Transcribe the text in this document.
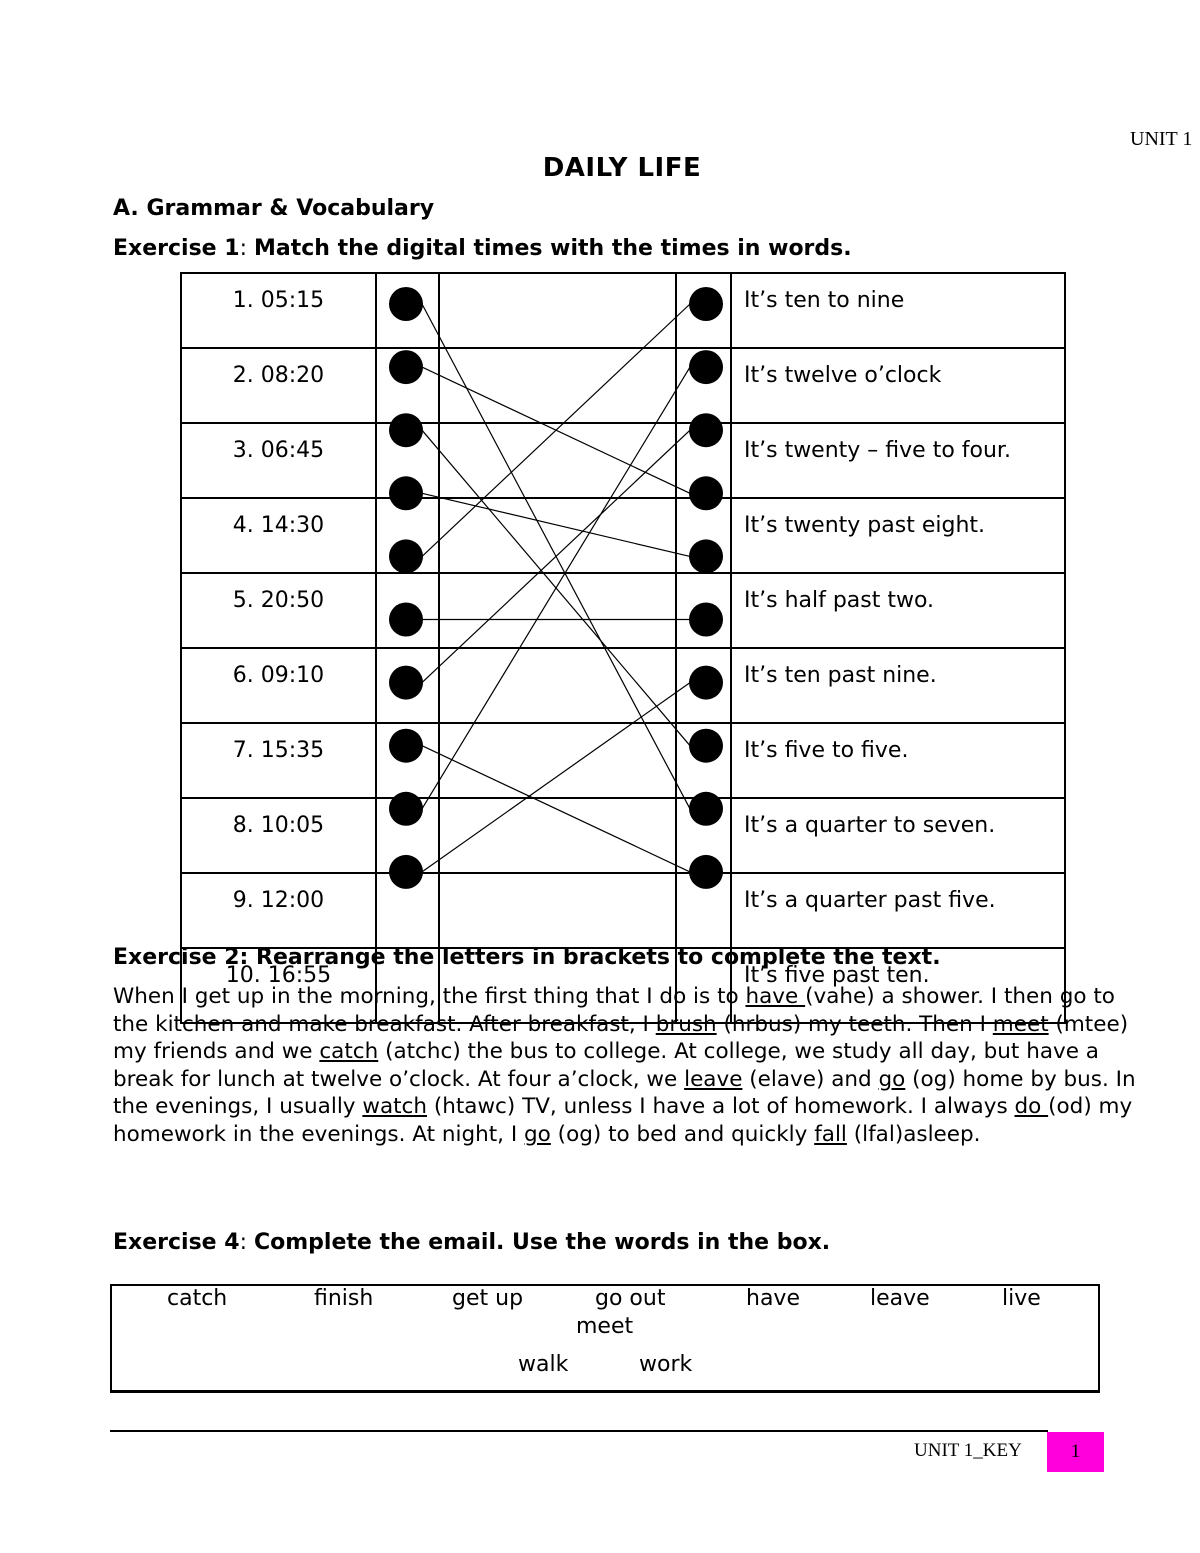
UNIT 1
DAILY LIFE
A. Grammar & Vocabulary
Exercise 1: Match the digital times with the times in words.
1. 05:15				It’s ten to nine
2. 08:20				It’s twelve o’clock
3. 06:45				It’s twenty – five to four.
4. 14:30				It’s twenty past eight.
5. 20:50				It’s half past two.
6. 09:10				It’s ten past nine.
7. 15:35				It’s five to five.
8. 10:05				It’s a quarter to seven.
9. 12:00				It’s a quarter past five.
10. 16:55				It’s five past ten.
Exercise 2: Rearrange the letters in brackets to complete the text.
When I get up in the morning, the first thing that I do is to have (vahe) a shower. I then go to the kitchen and make breakfast. After breakfast, I brush (hrbus) my teeth. Then I meet (mtee) my friends and we catch (atchc) the bus to college. At college, we study all day, but have a break for lunch at twelve o’clock. At four a’clock, we leave (elave) and go (og) home by bus. In the evenings, I usually watch (htawc) TV, unless I have a lot of homework. I always do (od) my homework in the evenings. At night, I go (og) to bed and quickly fall (lfal)asleep.
Exercise 4: Complete the email. Use the words in the box.
catch	finish	get up	go out	have	leave	live
meet
walk	work
UNIT 1_KEY	1
